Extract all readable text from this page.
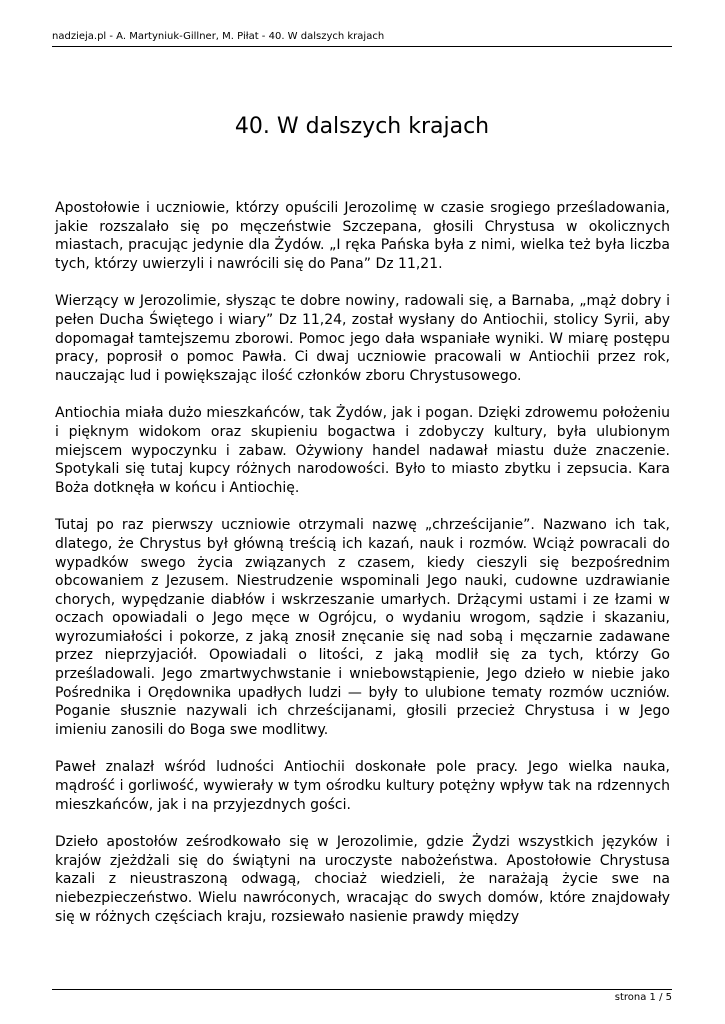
nadzieja.pl - A. Martyniuk-Gillner, M. Piłat - 40. W dalszych krajach
40. W dalszych krajach

Apostołowie i uczniowie, którzy opuścili Jerozolimę w czasie srogiego prześladowania, jakie rozszalało się po męczeństwie Szczepana, głosili Chrystusa w okolicznych miastach, pracując jedynie dla Żydów. „I ręka Pańska była z nimi, wielka też była liczba tych, którzy uwierzyli i nawrócili się do Pana” Dz 11,21.

Wierzący w Jerozolimie, słysząc te dobre nowiny, radowali się, a Barnaba, „mąż dobry i pełen Ducha Świętego i wiary” Dz 11,24, został wysłany do Antiochii, stolicy Syrii, aby dopomagał tamtejszemu zborowi. Pomoc jego dała wspaniałe wyniki. W miarę postępu pracy, poprosił o pomoc Pawła. Ci dwaj uczniowie pracowali w Antiochii przez rok, nauczając lud i powiększając ilość członków zboru Chrystusowego.

Antiochia miała dużo mieszkańców, tak Żydów, jak i pogan. Dzięki zdrowemu położeniu i pięknym widokom oraz skupieniu bogactwa i zdobyczy kultury, była ulubionym miejscem wypoczynku i zabaw. Ożywiony handel nadawał miastu duże znaczenie. Spotykali się tutaj kupcy różnych narodowości. Było to miasto zbytku i zepsucia. Kara Boża dotknęła w końcu i Antiochię.

Tutaj po raz pierwszy uczniowie otrzymali nazwę „chrześcijanie”. Nazwano ich tak, dlatego, że Chrystus był główną treścią ich kazań, nauk i rozmów. Wciąż powracali do wypadków swego życia związanych z czasem, kiedy cieszyli się bezpośrednim obcowaniem z Jezusem. Niestrudzenie wspominali Jego nauki, cudowne uzdrawianie chorych, wypędzanie diabłów i wskrzeszanie umarłych. Drżącymi ustami i ze łzami w oczach opowiadali o Jego męce w Ogrójcu, o wydaniu wrogom, sądzie i skazaniu, wyrozumiałości i pokorze, z jaką znosił znęcanie się nad sobą i męczarnie zadawane przez nieprzyjaciół. Opowiadali o litości, z jaką modlił się za tych, którzy Go prześladowali. Jego zmartwychwstanie i wniebowstąpienie, Jego dzieło w niebie jako Pośrednika i Orędownika upadłych ludzi — były to ulubione tematy rozmów uczniów. Poganie słusznie nazywali ich chrześcijanami, głosili przecież Chrystusa i w Jego imieniu zanosili do Boga swe modlitwy.

Paweł znalazł wśród ludności Antiochii doskonałe pole pracy. Jego wielka nauka, mądrość i gorliwość, wywierały w tym ośrodku kultury potężny wpływ tak na rdzennych mieszkańców, jak i na przyjezdnych gości.

Dzieło apostołów ześrodkowało się w Jerozolimie, gdzie Żydzi wszystkich języków i krajów zjeżdżali się do świątyni na uroczyste nabożeństwa. Apostołowie Chrystusa kazali z nieustraszoną odwagą, chociaż wiedzieli, że narażają życie swe na niebezpieczeństwo. Wielu nawróconych, wracając do swych domów, które znajdowały się w różnych częściach kraju, rozsiewało nasienie prawdy między

strona 1 / 5
